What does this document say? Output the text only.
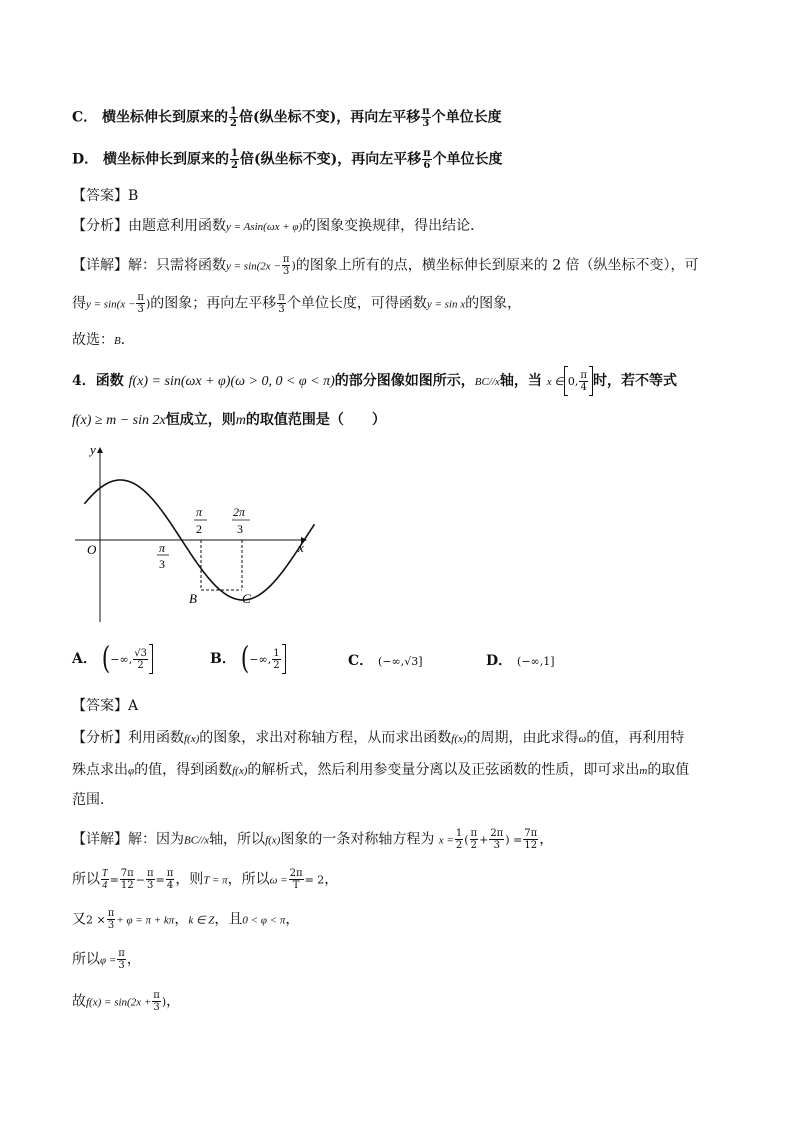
C． 横坐标伸长到原来的 $\frac{1}{2}$ 倍(纵坐标不变)，再向左平移 $\frac{\pi}{3}$ 个单位长度
D． 横坐标伸长到原来的 $\frac{1}{2}$ 倍(纵坐标不变)，再向左平移 $\frac{\pi}{6}$ 个单位长度
【答案】B
【分析】由题意利用函数y = Asin(ωx + φ)的图象变换规律，得出结论．
【详解】解：只需将函数$y = \sin(2x - \frac{\pi}{3}$ )的图象上所有的点，横坐标伸长到原来的 2 倍（纵坐标不变），可
得$y = \sin(x - \frac{\pi}{3}$ )的图象；再向左平移 $\frac{\pi}{3}$ 个单位长度，可得函数y = sin x的图象，
故选：B．
4．函数 f(x) = sin(ωx + φ)(ω > 0, 0 < φ < π)的部分图像如图所示，BC//x轴，当 x ∈ 0, $\frac{\pi}{4}$ 时，若不等式
f(x) ≥ m − sin 2x恒成立，则m的取值范围是（　　）
y
x
O	π
3
π
2
2π
3
B	C
A． (−∞, $\frac{√3}{2}$	B． (−∞, $\frac{1}{2}$	C． (−∞,√3]	D． (−∞,1]
【答案】A
【分析】利用函数f(x)的图象，求出对称轴方程，从而求出函数f(x)的周期，由此求得ω的值，再利用特
殊点求出φ的值，得到函数f(x)的解析式，然后利用参变量分离以及正弦函数的性质，即可求出m的取值
范围．
【详解】解：因为BC//x轴，所以f(x)图象的一条对称轴方程为 $x = \frac{1}{2}$ ( $\frac{\pi}{2} + \frac{2\pi}{3}$ ) = $\frac{7\pi}{12}$ ，
所以 $\frac{T}{4} = \frac{7\pi}{12} - \frac{\pi}{3} = \frac{\pi}{4}$ ，则T = π，所以$\omega = \frac{2\pi}{T} = 2$，
又$2 \times \frac{\pi}{3} + \varphi = \pi + k\pi$，k ∈ Z，且0 < φ < π，
所以$\varphi = \frac{\pi}{3}$ ，
故$f(x) = \sin(2x + \frac{\pi}{3}$ )，
